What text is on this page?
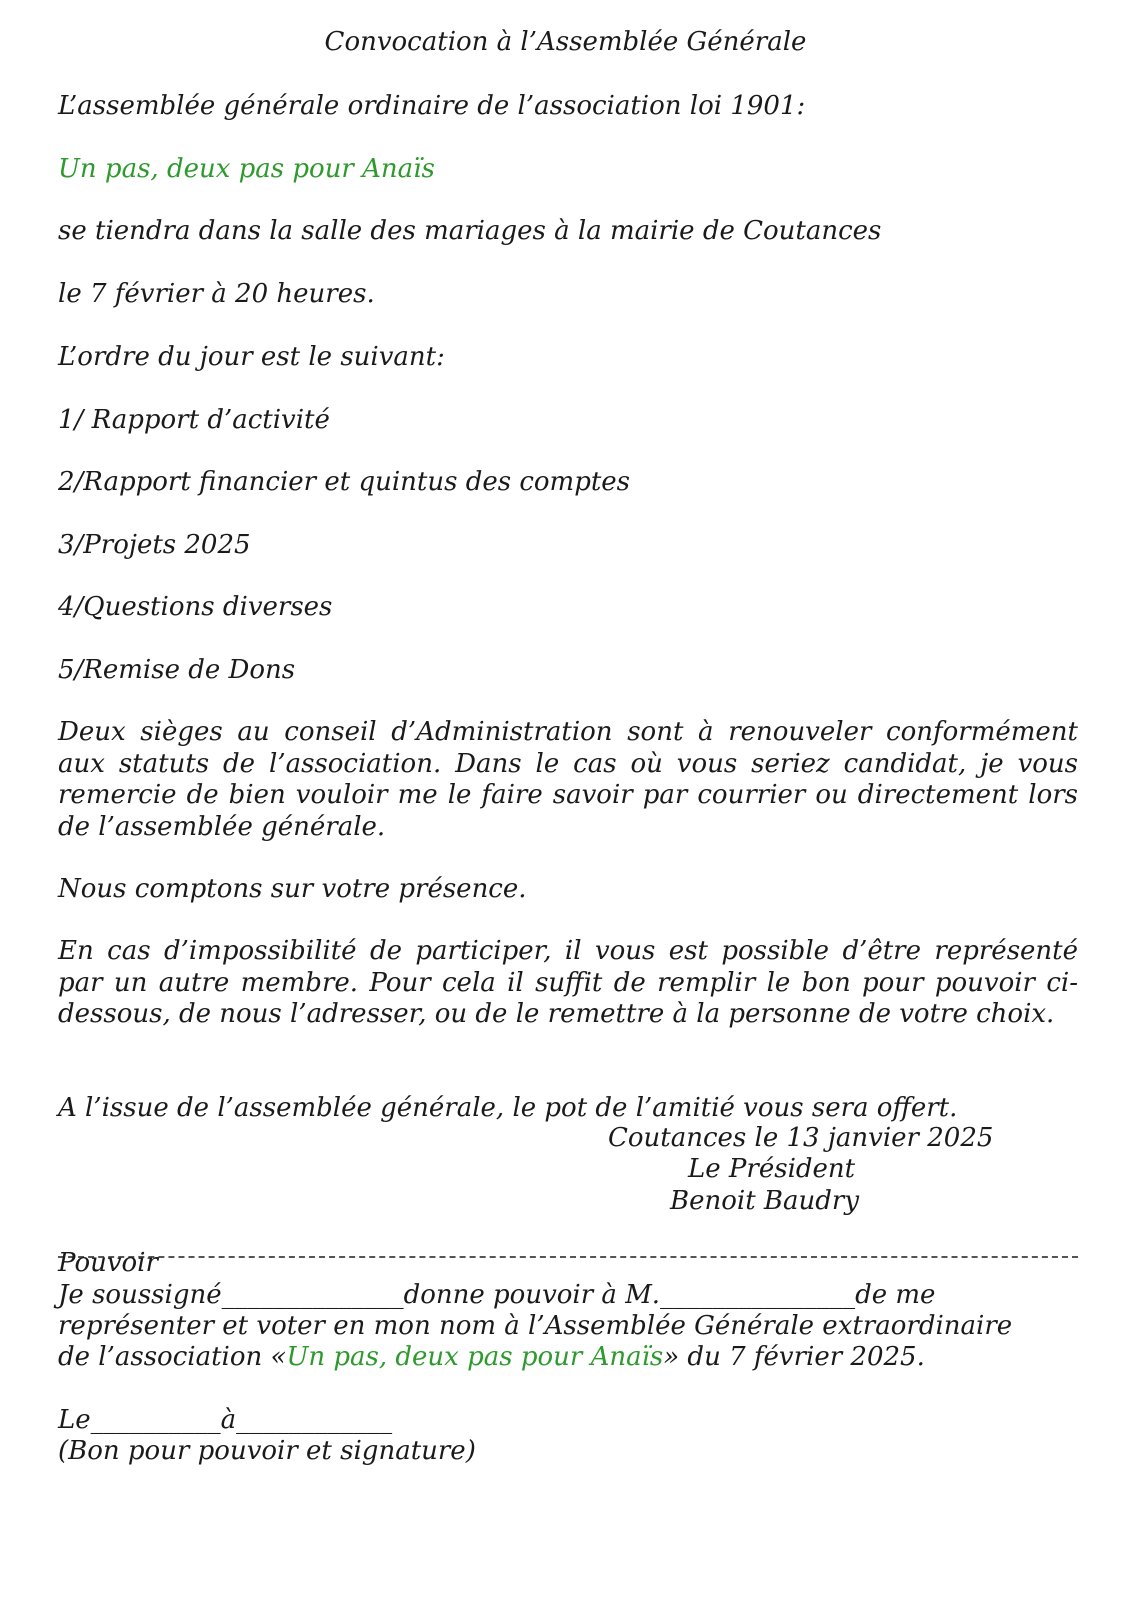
Convocation à l’Assemblée Générale
L’assemblée générale ordinaire de l’association loi 1901:
Un pas, deux pas pour Anaïs
se tiendra dans la salle des mariages à la mairie de Coutances
le 7 février à 20 heures.
L’ordre du jour est le suivant:
1/ Rapport d’activité
2/Rapport financier et quintus des comptes
3/Projets 2025
4/Questions diverses
5/Remise de Dons
Deux sièges au conseil d’Administration sont à renouveler conformément aux statuts de l’association. Dans le cas où vous seriez candidat, je vous remercie de bien vouloir me le faire savoir par courrier ou directement lors de l’assemblée générale.
Nous comptons sur votre présence.
En cas d’impossibilité de participer, il vous est possible d’être représenté par un autre membre. Pour cela il suffit de remplir le bon pour pouvoir ci-dessous, de nous l’adresser, ou de le remettre à la personne de votre choix.
A l’issue de l’assemblée générale, le pot de l’amitié vous sera offert.
Coutances le 13 janvier 2025
Le Président
Benoit Baudry
Pouvoir
Je soussigné______________donne pouvoir à M._______________de me
représenter et voter en mon nom à l’Assemblée Générale extraordinaire
de l’association «Un pas, deux pas pour Anaïs» du 7 février 2025.
Le__________à____________
(Bon pour pouvoir et signature)
